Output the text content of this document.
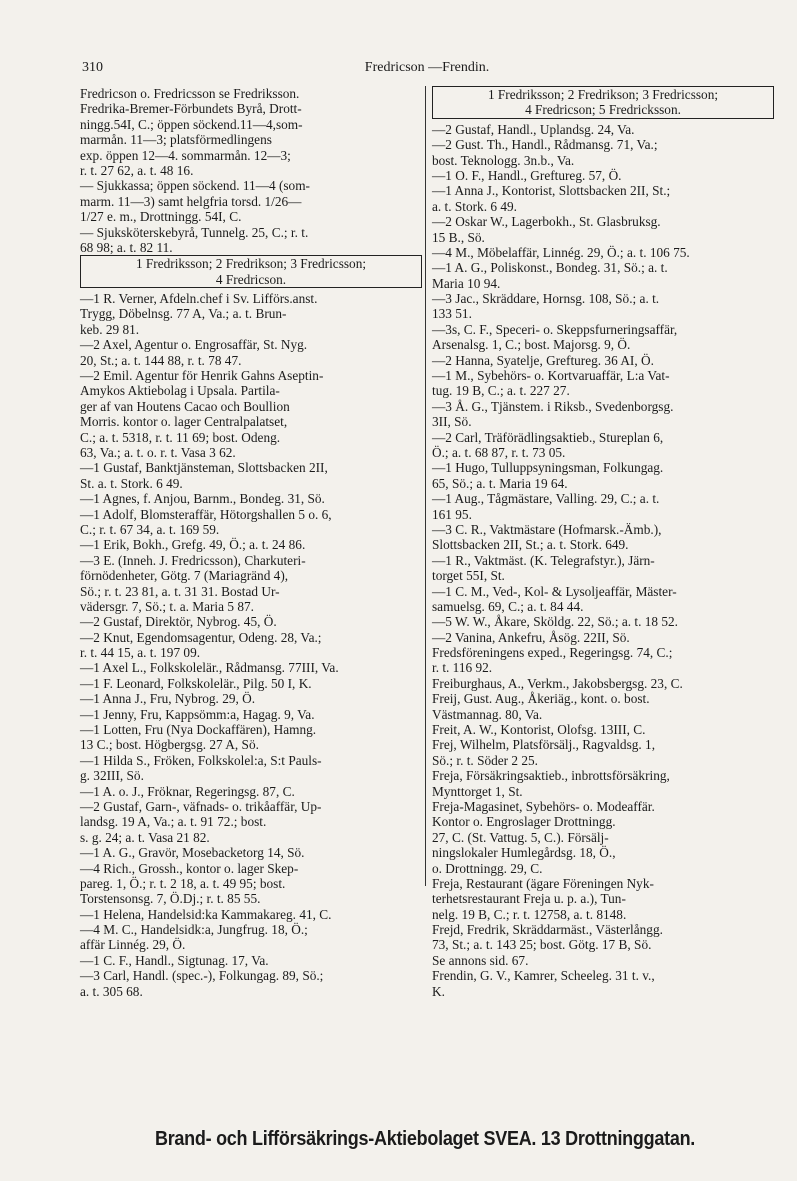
310	Fredricson —Frendin.
Fredricson o. Fredricsson se Fredriksson.
Fredrika-Bremer-Förbundets Byrå, Drott-
ningg.54I, C.; öppen söckend.11—4,som-
marmån. 11—3; platsförmedlingens
exp. öppen 12—4. sommarmån. 12—3;
r. t. 27 62, a. t. 48 16.
— Sjukkassa; öppen söckend. 11—4 (som-
marm. 11—3) samt helgfria torsd. 1/26—
1/27 e. m., Drottningg. 54I, C.
— Sjuksköterskebyrå, Tunnelg. 25, C.; r. t.
68 98; a. t. 82 11.
1 Fredriksson; 2 Fredrikson; 3 Fredricsson;
4 Fredricson.
—1 R. Verner, Afdeln.chef i Sv. Lifförs.anst.
Trygg, Döbelnsg. 77 A, Va.; a. t. Brun-
keb. 29 81.
—2 Axel, Agentur o. Engrosaffär, St. Nyg.
20, St.; a. t. 144 88, r. t. 78 47.
—2 Emil. Agentur för Henrik Gahns Aseptin-
Amykos Aktiebolag i Upsala. Partila-
ger af van Houtens Cacao och Boullion
Morris. kontor o. lager Centralpalatset,
C.; a. t. 5318, r. t. 11 69; bost. Odeng.
63, Va.; a. t. o. r. t. Vasa 3 62.
—1 Gustaf, Banktjänsteman, Slottsbacken 2II,
St. a. t. Stork. 6 49.
—1 Agnes, f. Anjou, Barnm., Bondeg. 31, Sö.
—1 Adolf, Blomsteraffär, Hötorgshallen 5 o. 6,
C.; r. t. 67 34, a. t. 169 59.
—1 Erik, Bokh., Grefg. 49, Ö.; a. t. 24 86.
—3 E. (Inneh. J. Fredricsson), Charkuteri-
förnödenheter, Götg. 7 (Mariagränd 4),
Sö.; r. t. 23 81, a. t. 31 31. Bostad Ur-
vädersgr. 7, Sö.; t. a. Maria 5 87.
—2 Gustaf, Direktör, Nybrog. 45, Ö.
—2 Knut, Egendomsagentur, Odeng. 28, Va.;
r. t. 44 15, a. t. 197 09.
—1 Axel L., Folkskolelär., Rådmansg. 77III, Va.
—1 F. Leonard, Folkskolelär., Pilg. 50 I, K.
—1 Anna J., Fru, Nybrog. 29, Ö.
—1 Jenny, Fru, Kappsömm:a, Hagag. 9, Va.
—1 Lotten, Fru (Nya Dockaffären), Hamng.
13 C.; bost. Högbergsg. 27 A, Sö.
—1 Hilda S., Fröken, Folkskolel:a, S:t Pauls-
g. 32III, Sö.
—1 A. o. J., Fröknar, Regeringsg. 87, C.
—2 Gustaf, Garn-, väfnads- o. trikåaffär, Up-
landsg. 19 A, Va.; a. t. 91 72.; bost.
s. g. 24; a. t. Vasa 21 82.
—1 A. G., Gravör, Mosebacketorg 14, Sö.
—4 Rich., Grossh., kontor o. lager Skep-
pareg. 1, Ö.; r. t. 2 18, a. t. 49 95; bost.
Torstensonsg. 7, Ö.Dj.; r. t. 85 55.
—1 Helena, Handelsid:ka Kammakareg. 41, C.
—4 M. C., Handelsidk:a, Jungfrug. 18, Ö.;
affär Linnég. 29, Ö.
—1 C. F., Handl., Sigtunag. 17, Va.
—3 Carl, Handl. (spec.-), Folkungag. 89, Sö.;
a. t. 305 68.
1 Fredriksson; 2 Fredrikson; 3 Fredricsson;
4 Fredricson; 5 Fredricksson.
—2 Gustaf, Handl., Uplandsg. 24, Va.
—2 Gust. Th., Handl., Rådmansg. 71, Va.;
bost. Teknologg. 3n.b., Va.
—1 O. F., Handl., Greftureg. 57, Ö.
—1 Anna J., Kontorist, Slottsbacken 2II, St.;
a. t. Stork. 6 49.
—2 Oskar W., Lagerbokh., St. Glasbruksg.
15 B., Sö.
—4 M., Möbelaffär, Linnég. 29, Ö.; a. t. 106 75.
—1 A. G., Poliskonst., Bondeg. 31, Sö.; a. t.
Maria 10 94.
—3 Jac., Skräddare, Hornsg. 108, Sö.; a. t.
133 51.
—3s, C. F., Speceri- o. Skeppsfurneringsaffär,
Arsenalsg. 1, C.; bost. Majorsg. 9, Ö.
—2 Hanna, Syatelje, Greftureg. 36 AI, Ö.
—1 M., Sybehörs- o. Kortvaruaffär, L:a Vat-
tug. 19 B, C.; a. t. 227 27.
—3 Å. G., Tjänstem. i Riksb., Svedenborgsg.
3II, Sö.
—2 Carl, Träförädlingsaktieb., Stureplan 6,
Ö.; a. t. 68 87, r. t. 73 05.
—1 Hugo, Tulluppsyningsman, Folkungag.
65, Sö.; a. t. Maria 19 64.
—1 Aug., Tågmästare, Valling. 29, C.; a. t.
161 95.
—3 C. R., Vaktmästare (Hofmarsk.-Ämb.),
Slottsbacken 2II, St.; a. t. Stork. 649.
—1 R., Vaktmäst. (K. Telegrafstyr.), Järn-
torget 55I, St.
—1 C. M., Ved-, Kol- & Lysoljeaffär, Mäster-
samuelsg. 69, C.; a. t. 84 44.
—5 W. W., Åkare, Sköldg. 22, Sö.; a. t. 18 52.
—2 Vanina, Ankefru, Åsög. 22II, Sö.
Fredsföreningens exped., Regeringsg. 74, C.;
r. t. 116 92.
Freiburghaus, A., Verkm., Jakobsbergsg. 23, C.
Freij, Gust. Aug., Åkeriäg., kont. o. bost.
Västmannag. 80, Va.
Freit, A. W., Kontorist, Olofsg. 13III, C.
Frej, Wilhelm, Platsförsälj., Ragvaldsg. 1,
Sö.; r. t. Söder 2 25.
Freja, Försäkringsaktieb., inbrottsförsäkring,
Mynttorget 1, St.
Freja-Magasinet, Sybehörs- o. Modeaffär.
Kontor o. Engroslager Drottningg.
27, C. (St. Vattug. 5, C.). Försälj-
ningslokaler Humlegårdsg. 18, Ö.,
o. Drottningg. 29, C.
Freja, Restaurant (ägare Föreningen Nyk-
terhetsrestaurant Freja u. p. a.), Tun-
nelg. 19 B, C.; r. t. 12758, a. t. 8148.
Frejd, Fredrik, Skräddarmäst., Västerlångg.
73, St.; a. t. 143 25; bost. Götg. 17 B, Sö.
Se annons sid. 67.
Frendin, G. V., Kamrer, Scheeleg. 31 t. v.,
K.
Brand- och Lifförsäkrings-Aktiebolaget SVEA. 13 Drottninggatan.
